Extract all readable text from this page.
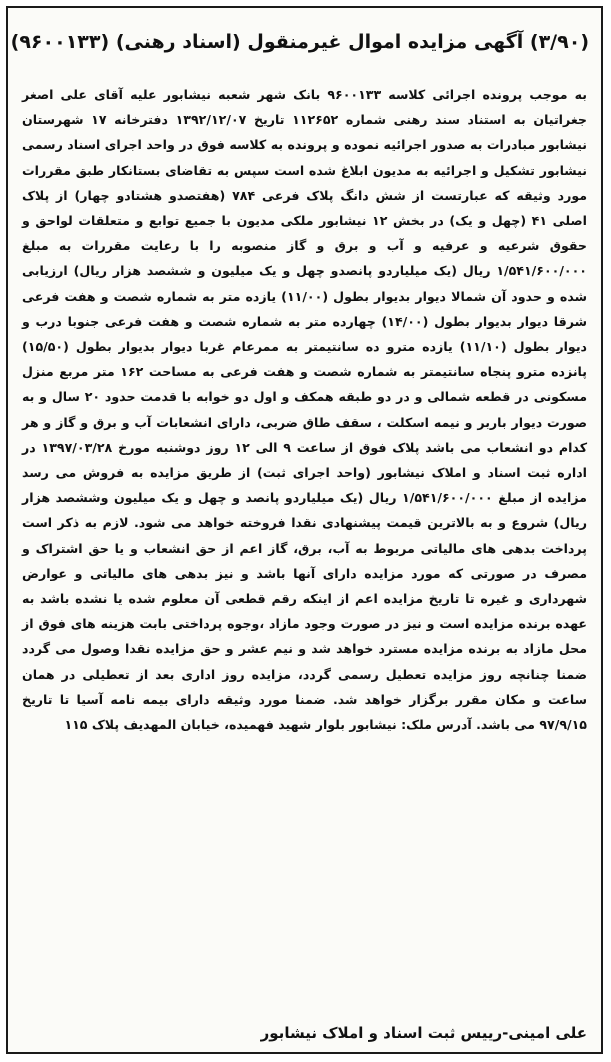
(۳/۹۰) آگهی مزایده اموال غیرمنقول (اسناد رهنی) (۹۶۰۰۱۳۳)

به موجب پرونده اجرائی کلاسه ۹۶۰۰۱۳۳ بانک شهر شعبه نیشابور علیه آقای علی اصغر جغراتیان به استناد سند رهنی شماره ۱۱۲۶۵۲ تاریخ ۱۳۹۲/۱۲/۰۷ دفترخانه ۱۷ شهرستان نیشابور مبادرات به صدور اجرائیه نموده و پرونده به کلاسه فوق در واحد اجرای اسناد رسمی نیشابور تشکیل و اجرائیه به مدیون ابلاغ شده است سپس به تقاضای بستانکار طبق مقررات مورد وثیقه که عبارتست از شش دانگ پلاک فرعی ۷۸۴ (هفتصدو هشتادو چهار) از پلاک اصلی ۴۱ (چهل و یک) در بخش ۱۲ نیشابور ملکی مدیون با جمیع توابع و متعلقات لواحق و حقوق شرعیه و عرفیه و آب و برق و گاز منصوبه را با رعایت مقررات به مبلغ ۱/۵۴۱/۶۰۰/۰۰۰ ریال (یک میلیاردو پانصدو چهل و یک میلیون و ششصد هزار ریال) ارزیابی شده و حدود آن شمالا دیوار بدیوار بطول (۱۱/۰۰) یازده متر به شماره شصت و هفت فرعی شرقا دیوار بدیوار بطول (۱۴/۰۰) چهارده متر به شماره شصت و هفت فرعی جنوبا درب و دیوار بطول (۱۱/۱۰) یازده مترو ده سانتیمتر به ممرعام غربا دیوار بدیوار بطول (۱۵/۵۰) پانزده مترو پنجاه سانتیمتر به شماره شصت و هفت فرعی به مساحت ۱۶۲ متر مربع منزل مسکونی در قطعه شمالی و در دو طبقه همکف و اول دو خوابه با قدمت حدود ۲۰ سال و به صورت دیوار باربر و نیمه اسکلت ، سقف طاق ضربی، دارای انشعابات آب و برق و گاز و هر کدام دو انشعاب می باشد پلاک فوق از ساعت ۹ الی ۱۲ روز دوشنبه مورخ ۱۳۹۷/۰۳/۲۸ در اداره ثبت اسناد و املاک نیشابور (واحد اجرای ثبت) از طریق مزایده به فروش می رسد مزایده از مبلغ ۱/۵۴۱/۶۰۰/۰۰۰ ریال (یک میلیاردو پانصد و چهل و یک میلیون وششصد هزار ریال) شروع و به بالاترین قیمت پیشنهادی نقدا فروخته خواهد می شود. لازم به ذکر است پرداخت بدهی های مالیاتی مربوط به آب، برق، گاز اعم از حق انشعاب و یا حق اشتراک و مصرف در صورتی که مورد مزایده دارای آنها باشد و نیز بدهی های مالیاتی و عوارض شهرداری و غیره تا تاریخ مزایده اعم از اینکه رقم قطعی آن معلوم شده یا نشده باشد به عهده برنده مزایده است و نیز در صورت وجود مازاد ،وجوه پرداختی بابت هزینه های فوق از محل مازاد به برنده مزایده مسترد خواهد شد و نیم عشر و حق مزایده نقدا وصول می گردد ضمنا چنانچه روز مزایده تعطیل رسمی گردد، مزایده روز اداری بعد از تعطیلی در همان ساعت و مکان مقرر برگزار خواهد شد. ضمنا مورد وثیقه دارای بیمه نامه آسیا تا تاریخ ۹۷/۹/۱۵ می باشد. آدرس ملک: نیشابور بلوار شهید فهمیده، خیابان المهدیف پلاک ۱۱۵

علی امینی-رییس ثبت اسناد و املاک نیشابور
